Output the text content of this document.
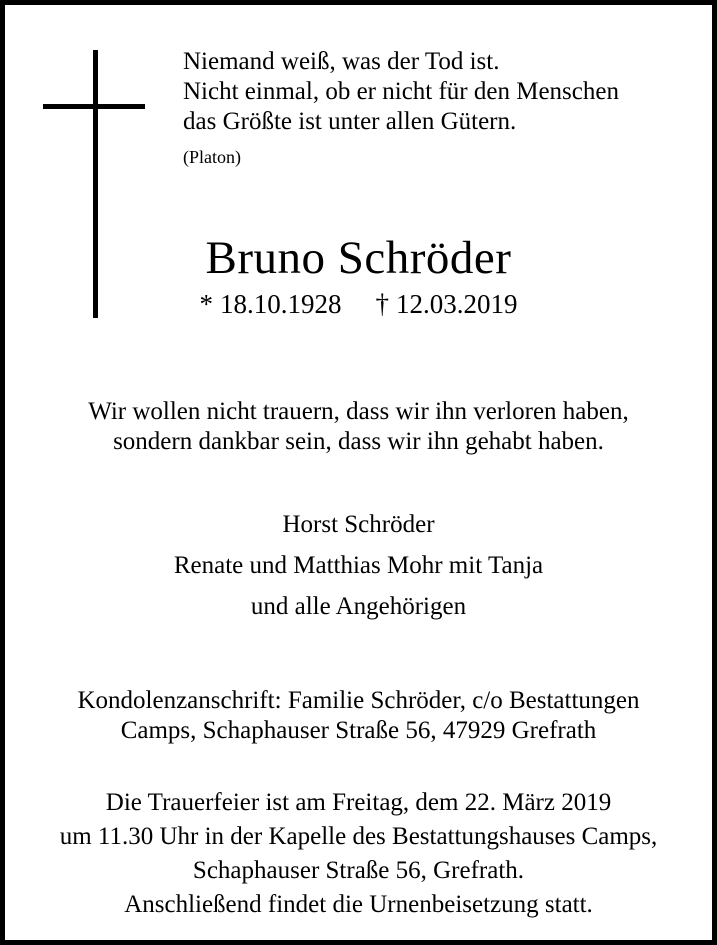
Niemand weiß, was der Tod ist.
Nicht einmal, ob er nicht für den Menschen
das Größte ist unter allen Gütern.
(Platon)
Bruno Schröder
* 18.10.1928 † 12.03.2019
Wir wollen nicht trauern, dass wir ihn verloren haben,
sondern dankbar sein, dass wir ihn gehabt haben.
Horst Schröder
Renate und Matthias Mohr mit Tanja
und alle Angehörigen
Kondolenzanschrift: Familie Schröder, c/o Bestattungen
Camps, Schaphauser Straße 56, 47929 Grefrath
Die Trauerfeier ist am Freitag, dem 22. März 2019
um 11.30 Uhr in der Kapelle des Bestattungshauses Camps,
Schaphauser Straße 56, Grefrath.
Anschließend findet die Urnenbeisetzung statt.
